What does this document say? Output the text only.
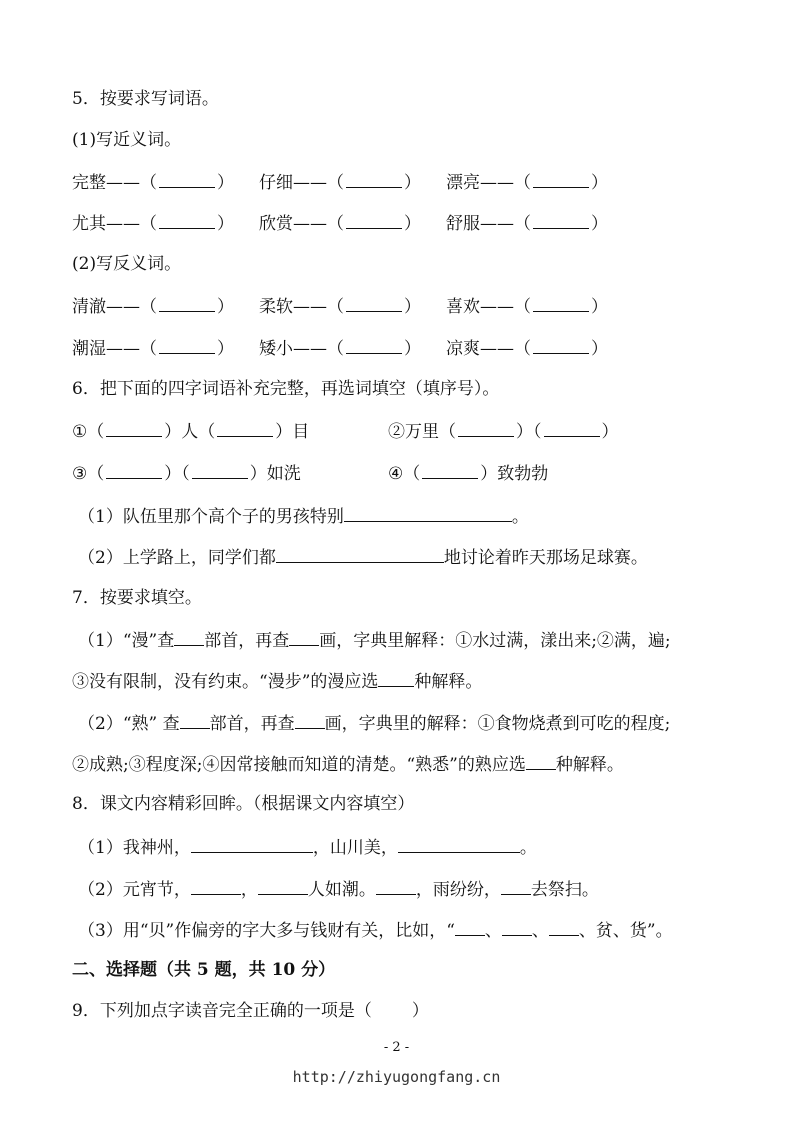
5．按要求写词语。
(1)写近义词。
完整——（	） 仔细——（	） 漂亮——（	）
尤其——（	） 欣赏——（	） 舒服——（	）
(2)写反义词。
清澈——（	） 柔软——（	） 喜欢——（	）
潮湿——（	） 矮小——（	） 凉爽——（	）
6．把下面的四字词语补充完整，再选词填空（填序号）。
①（	）人（	）目	②万里（	）（	）
③（	）（	）如洗	④（	）致勃勃
（1）队伍里那个高个子的男孩特别	。
（2）上学路上，同学们都	地讨论着昨天那场足球赛。
7．按要求填空。
（1）“漫”查 部首，再查 画，字典里解释：①水过满，漾出来;②满，遍;
③没有限制，没有约束。“漫步”的漫应选 种解释。
（2）“熟” 查 部首，再查 画，字典里的解释：①食物烧煮到可吃的程度;
②成熟;③程度深;④因常接触而知道的清楚。“熟悉”的熟应选 种解释。
8．课文内容精彩回眸。（根据课文内容填空）
（1）我神州，	，山川美，	。
（2）元宵节，	，	人如潮。 ，雨纷纷， 去祭扫。
（3）用“贝”作偏旁的字大多与钱财有关，比如，“ 、 、 、贫、货”。
二、选择题（共 5 题，共 10 分）
9．下列加点字读音完全正确的一项是（ ）
- 2 -
http://zhiyugongfang.cn
